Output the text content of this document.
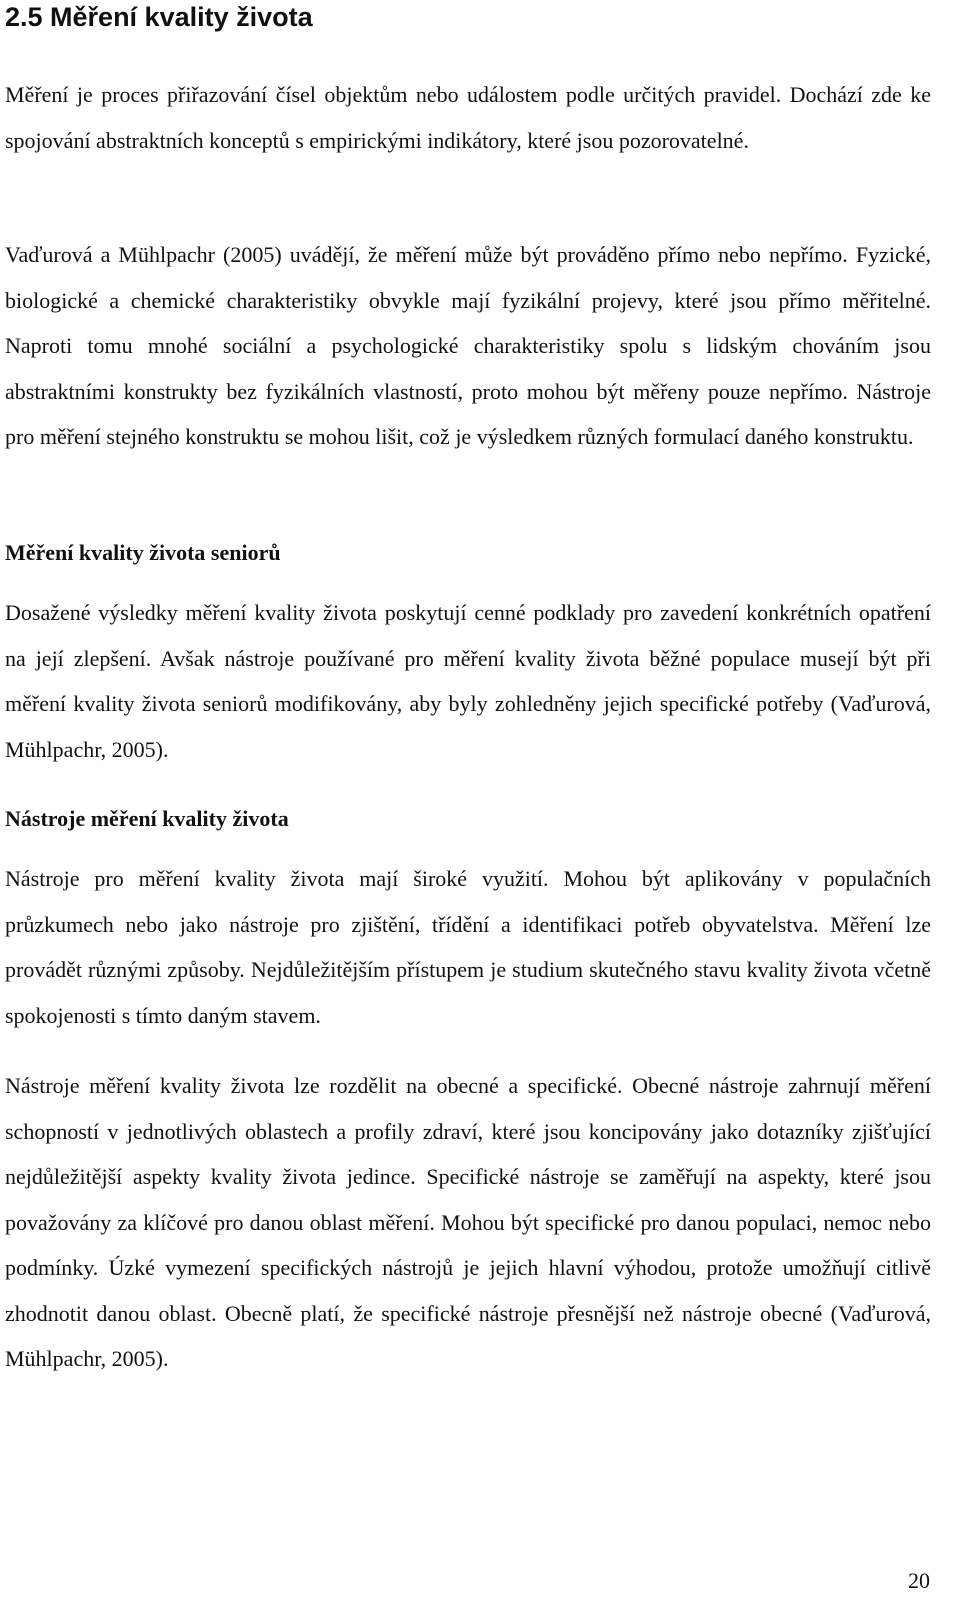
2.5 Měření kvality života

Měření je proces přiřazování čísel objektům nebo událostem podle určitých pravidel. Dochází zde ke spojování abstraktních konceptů s empirickými indikátory, které jsou pozorovatelné.

Vaďurová a Mühlpachr (2005) uvádějí, že měření může být prováděno přímo nebo nepřímo. Fyzické, biologické a chemické charakteristiky obvykle mají fyzikální projevy, které jsou přímo měřitelné. Naproti tomu mnohé sociální a psychologické charakteristiky spolu s lidským chováním jsou abstraktními konstrukty bez fyzikálních vlastností, proto mohou být měřeny pouze nepřímo. Nástroje pro měření stejného konstruktu se mohou lišit, což je výsledkem různých formulací daného konstruktu.

Měření kvality života seniorů

Dosažené výsledky měření kvality života poskytují cenné podklady pro zavedení konkrétních opatření na její zlepšení. Avšak nástroje používané pro měření kvality života běžné populace musejí být při měření kvality života seniorů modifikovány, aby byly zohledněny jejich specifické potřeby (Vaďurová, Mühlpachr, 2005).

Nástroje měření kvality života

Nástroje pro měření kvality života mají široké využití. Mohou být aplikovány v populačních průzkumech nebo jako nástroje pro zjištění, třídění a identifikaci potřeb obyvatelstva. Měření lze provádět různými způsoby. Nejdůležitějším přístupem je studium skutečného stavu kvality života včetně spokojenosti s tímto daným stavem.

Nástroje měření kvality života lze rozdělit na obecné a specifické. Obecné nástroje zahrnují měření schopností v jednotlivých oblastech a profily zdraví, které jsou koncipovány jako dotazníky zjišťující nejdůležitější aspekty kvality života jedince. Specifické nástroje se zaměřují na aspekty, které jsou považovány za klíčové pro danou oblast měření. Mohou být specifické pro danou populaci, nemoc nebo podmínky. Úzké vymezení specifických nástrojů je jejich hlavní výhodou, protože umožňují citlivě zhodnotit danou oblast. Obecně platí, že specifické nástroje přesnější než nástroje obecné (Vaďurová, Mühlpachr, 2005).

20
